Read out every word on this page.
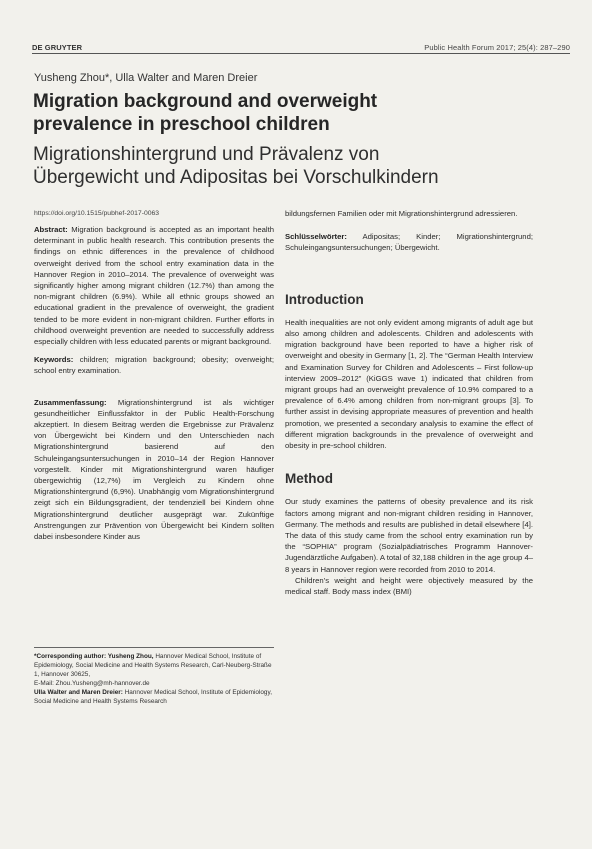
DE GRUYTER	Public Health Forum 2017; 25(4): 287–290
Yusheng Zhou*, Ulla Walter and Maren Dreier
Migration background and overweight
prevalence in preschool children
Migrationshintergrund und Prävalenz von
Übergewicht und Adipositas bei Vorschulkindern
https://doi.org/10.1515/pubhef-2017-0063

Abstract: Migration background is accepted as an important health determinant in public health research. This contribution presents the findings on ethnic differences in the prevalence of childhood overweight derived from the school entry examination data in the Hannover Region in 2010–2014. The prevalence of overweight was significantly higher among migrant children (12.7%) than among the non-migrant children (6.9%). While all ethnic groups showed an educational gradient in the prevalence of overweight, the gradient tended to be more evident in non-migrant children. Further efforts in childhood overweight prevention are needed to successfully address especially children with less educated parents or migrant background.

Keywords: children; migration background; obesity; overweight; school entry examination.

Zusammenfassung: Migrationshintergrund ist als wichtiger gesundheitlicher Einflussfaktor in der Public Health-Forschung akzeptiert. In diesem Beitrag werden die Ergebnisse zur Prävalenz von Übergewicht bei Kindern und den Unterschieden nach Migrationshintergrund basierend auf den Schuleingangsuntersuchungen in 2010–14 der Region Hannover vorgestellt. Kinder mit Migrationshintergrund waren häufiger übergewichtig (12,7%) im Vergleich zu Kindern ohne Migrationshintergrund (6,9%). Unabhängig vom Migrationshintergrund zeigt sich ein Bildungsgradient, der tendenziell bei Kindern ohne Migrationshintergrund deutlicher ausgeprägt war. Zukünftige Anstrengungen zur Prävention von Übergewicht bei Kindern sollten dabei insbesondere Kinder aus

*Corresponding author: Yusheng Zhou, Hannover Medical School, Institute of Epidemiology, Social Medicine and Health Systems Research, Carl-Neuberg-Straße 1, Hannover 30625,

E-Mail: Zhou.Yusheng@mh-hannover.de

Ulla Walter and Maren Dreier: Hannover Medical School, Institute of Epidemiology, Social Medicine and Health Systems Research

bildungsfernen Familien oder mit Migrationshintergrund adressieren.

Schlüsselwörter: Adipositas; Kinder; Migrationshintergrund; Schuleingangsuntersuchungen; Übergewicht.

Introduction

Health inequalities are not only evident among migrants of adult age but also among children and adolescents. Children and adolescents with migration background have been reported to have a higher risk of overweight and obesity in Germany [1, 2]. The “German Health Interview and Examination Survey for Children and Adolescents – First follow-up interview 2009–2012” (KiGGS wave 1) indicated that children from migrant groups had an overweight prevalence of 10.9% compared to a prevalence of 6.4% among children from non-migrant groups [3]. To further assist in devising appropriate measures of prevention and health promotion, we presented a secondary analysis to examine the effect of different migration backgrounds in the prevalence of overweight and obesity in pre-school children.

Method

Our study examines the patterns of obesity prevalence and its risk factors among migrant and non-migrant children residing in Hannover, Germany. The methods and results are published in detail elsewhere [4]. The data of this study came from the school entry examination run by the “SOPHIA” program (Sozialpädiatrisches Programm Hannover-Jugendärztliche Aufgaben). A total of 32,188 children in the age group 4–8 years in Hannover region were recorded from 2010 to 2014.

Children’s weight and height were objectively measured by the medical staff. Body mass index (BMI)
